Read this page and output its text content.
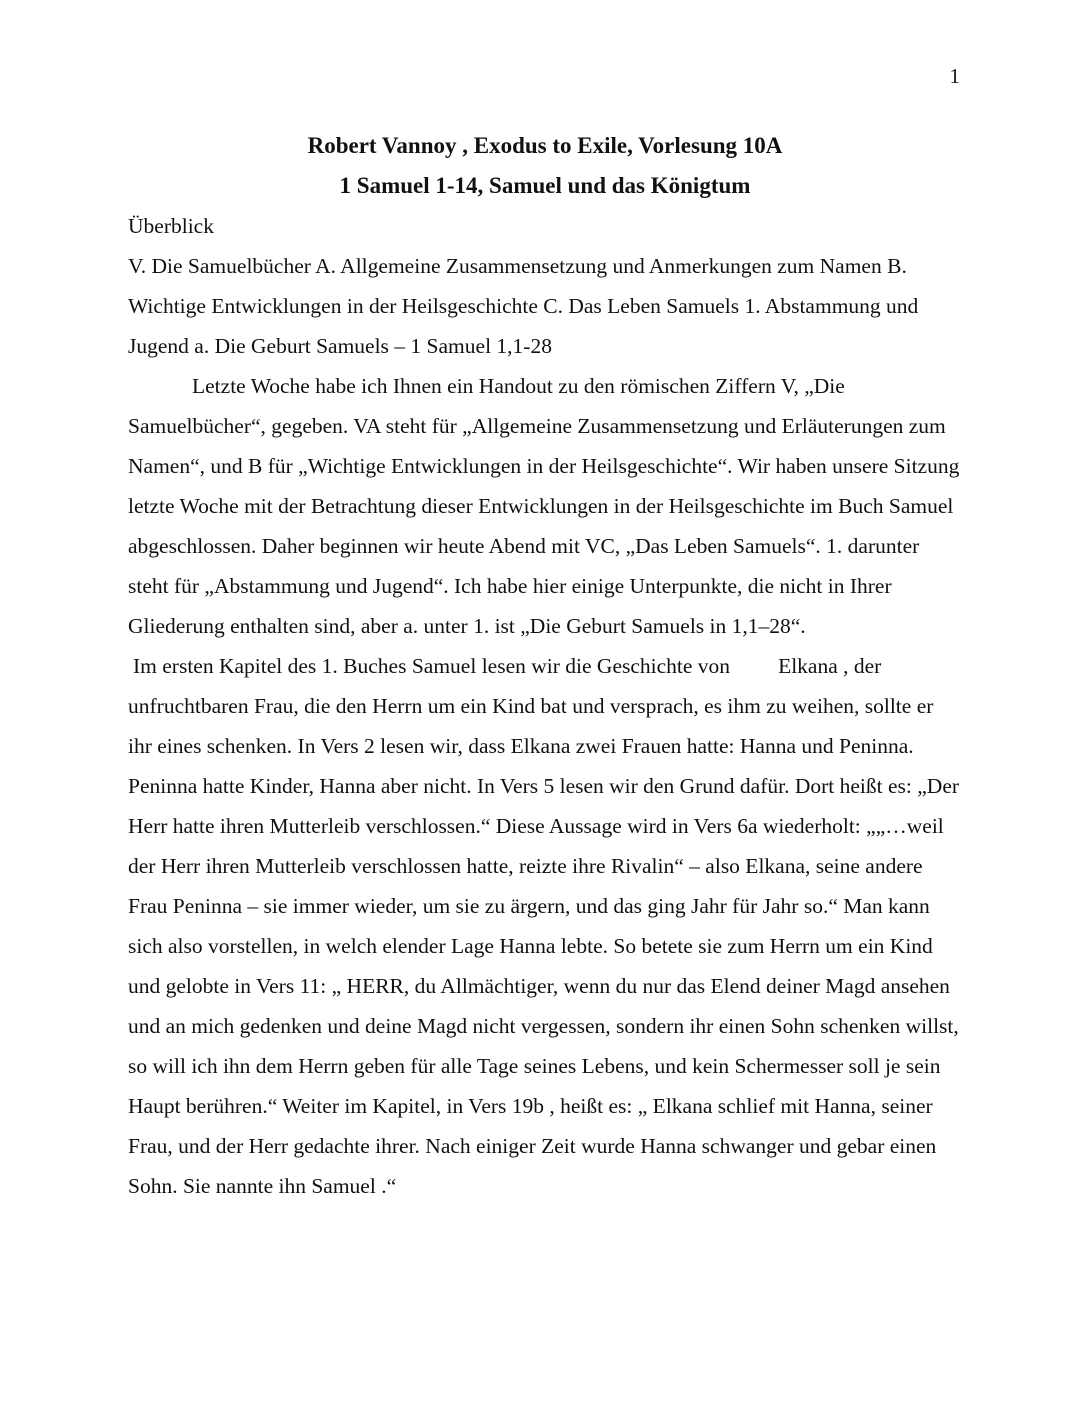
1
Robert Vannoy , Exodus to Exile, Vorlesung 10A
1 Samuel 1-14, Samuel und das Königtum

Überblick

V. Die Samuelbücher A. Allgemeine Zusammensetzung und Anmerkungen zum Namen B. Wichtige Entwicklungen in der Heilsgeschichte C. Das Leben Samuels 1. Abstammung und Jugend a. Die Geburt Samuels – 1 Samuel 1,1-28

Letzte Woche habe ich Ihnen ein Handout zu den römischen Ziffern V, „Die Samuelbücher“, gegeben. VA steht für „Allgemeine Zusammensetzung und Erläuterungen zum Namen“, und B für „Wichtige Entwicklungen in der Heilsgeschichte“. Wir haben unsere Sitzung letzte Woche mit der Betrachtung dieser Entwicklungen in der Heilsgeschichte im Buch Samuel abgeschlossen. Daher beginnen wir heute Abend mit VC, „Das Leben Samuels“. 1. darunter steht für „Abstammung und Jugend“. Ich habe hier einige Unterpunkte, die nicht in Ihrer Gliederung enthalten sind, aber a. unter 1. ist „Die Geburt Samuels in 1,1–28“.

Im ersten Kapitel des 1. Buches Samuel lesen wir die Geschichte von Elkana , der unfruchtbaren Frau, die den Herrn um ein Kind bat und versprach, es ihm zu weihen, sollte er ihr eines schenken. In Vers 2 lesen wir, dass Elkana zwei Frauen hatte: Hanna und Peninna. Peninna hatte Kinder, Hanna aber nicht. In Vers 5 lesen wir den Grund dafür. Dort heißt es: „Der Herr hatte ihren Mutterleib verschlossen.“ Diese Aussage wird in Vers 6a wiederholt: „„…weil der Herr ihren Mutterleib verschlossen hatte, reizte ihre Rivalin“ – also Elkana, seine andere Frau Peninna – sie immer wieder, um sie zu ärgern, und das ging Jahr für Jahr so.“ Man kann sich also vorstellen, in welch elender Lage Hanna lebte. So betete sie zum Herrn um ein Kind und gelobte in Vers 11: „ HERR, du Allmächtiger, wenn du nur das Elend deiner Magd ansehen und an mich gedenken und deine Magd nicht vergessen, sondern ihr einen Sohn schenken willst, so will ich ihn dem Herrn geben für alle Tage seines Lebens, und kein Schermesser soll je sein Haupt berühren.“ Weiter im Kapitel, in Vers 19b , heißt es: „ Elkana schlief mit Hanna, seiner Frau, und der Herr gedachte ihrer. Nach einiger Zeit wurde Hanna schwanger und gebar einen Sohn. Sie nannte ihn Samuel .“
